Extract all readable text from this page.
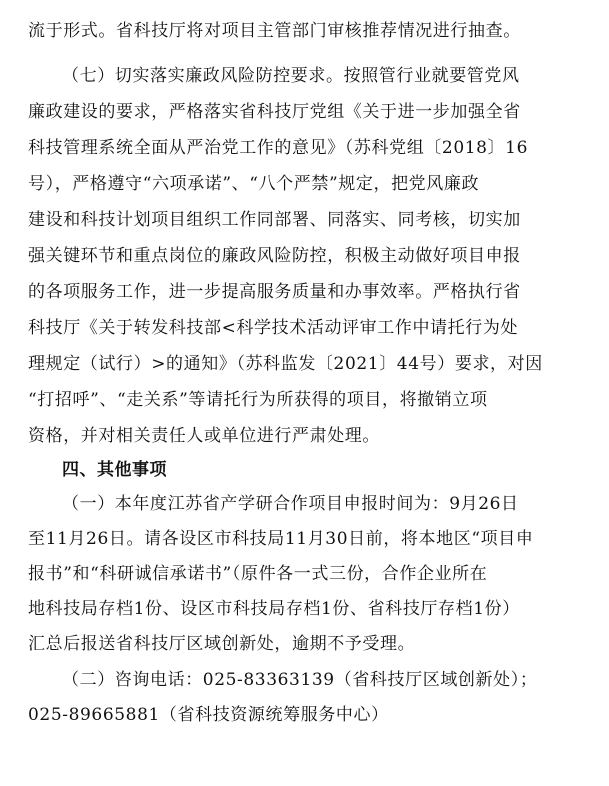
流于形式。省科技厅将对项目主管部门审核推荐情况进行抽查。
（七）切实落实廉政风险防控要求。按照管行业就要管党风
廉政建设的要求，严格落实省科技厅党组《关于进一步加强全省
科技管理系统全面从严治党工作的意见》（苏科党组〔2018〕16
号），严格遵守“六项承诺”、“八个严禁”规定，把党风廉政
建设和科技计划项目组织工作同部署、同落实、同考核，切实加
强关键环节和重点岗位的廉政风险防控，积极主动做好项目申报
的各项服务工作，进一步提高服务质量和办事效率。严格执行省
科技厅《关于转发科技部<科学技术活动评审工作中请托行为处
理规定（试行）>的通知》（苏科监发〔2021〕44号）要求，对因
“打招呼”、“走关系”等请托行为所获得的项目，将撤销立项
资格，并对相关责任人或单位进行严肃处理。
四、其他事项
（一）本年度江苏省产学研合作项目申报时间为：9月26日
至11月26日。请各设区市科技局11月30日前，将本地区“项目申
报书”和“科研诚信承诺书”（原件各一式三份，合作企业所在
地科技局存档1份、设区市科技局存档1份、省科技厅存档1份）
汇总后报送省科技厅区域创新处，逾期不予受理。
（二）咨询电话：025-83363139（省科技厅区域创新处）；
025-89665881（省科技资源统筹服务中心）
